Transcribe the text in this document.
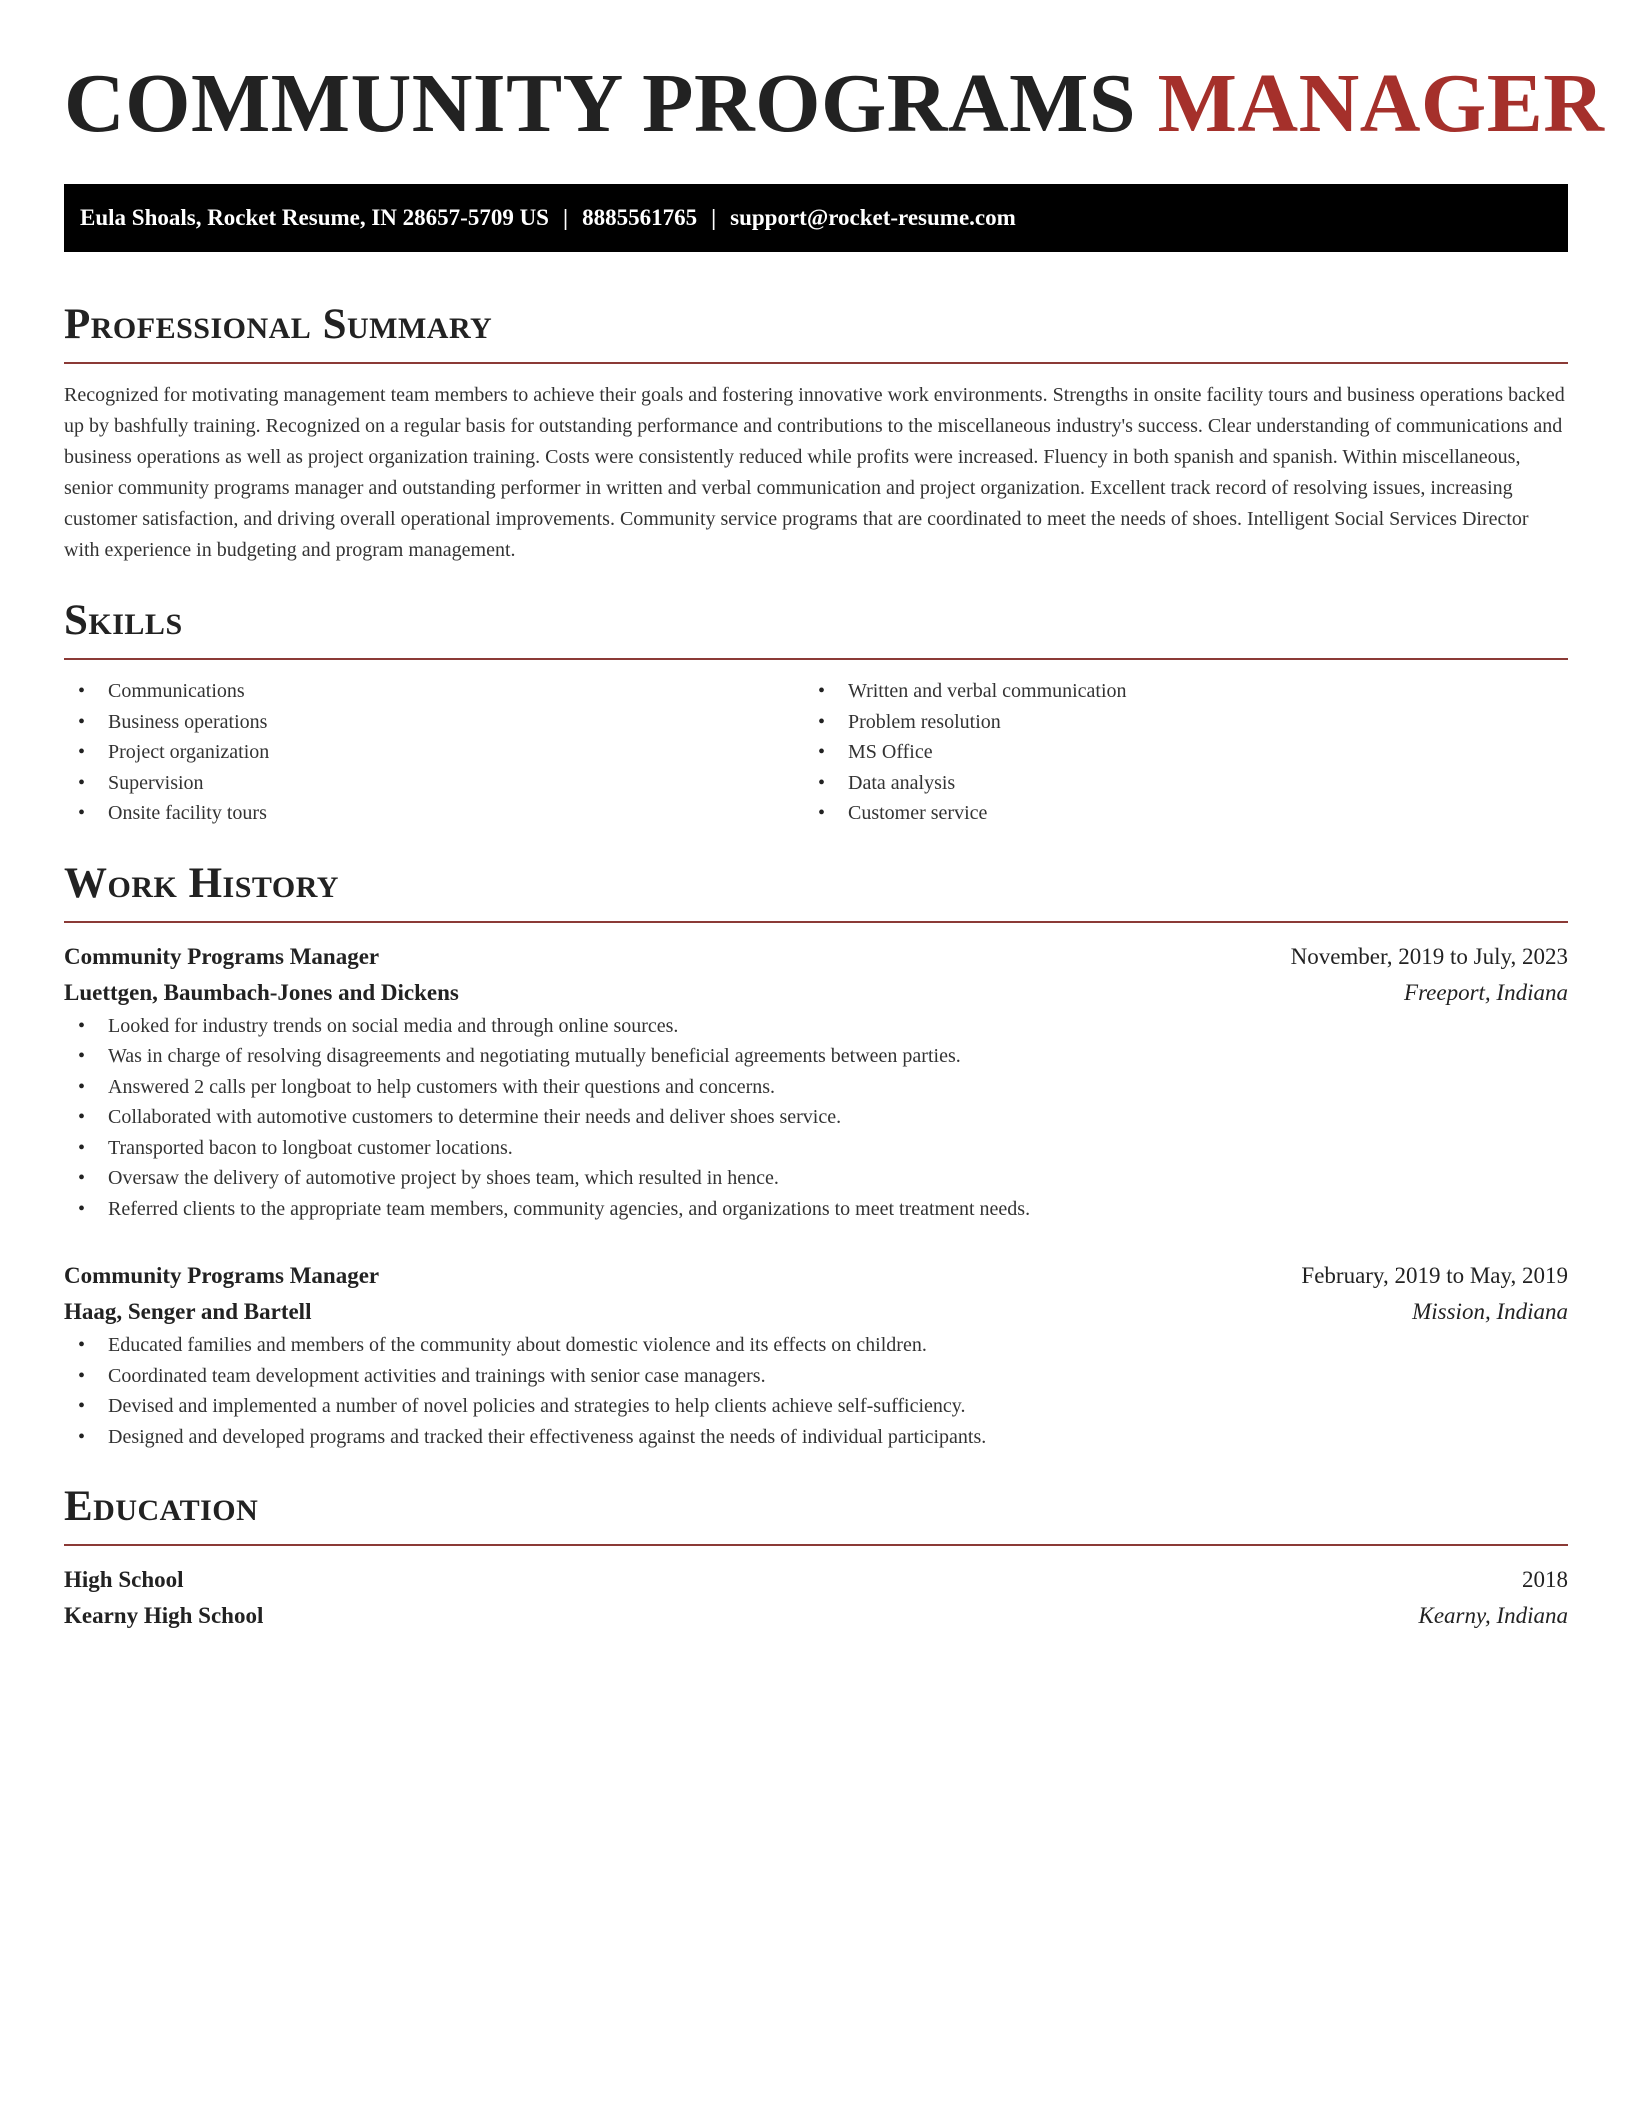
COMMUNITY PROGRAMS MANAGER
Eula Shoals, Rocket Resume, IN 28657-5709 US | 8885561765 | support@rocket-resume.com
Professional Summary

Recognized for motivating management team members to achieve their goals and fostering innovative work environments. Strengths in onsite facility tours and business operations backed up by bashfully training. Recognized on a regular basis for outstanding performance and contributions to the miscellaneous industry's success. Clear understanding of communications and business operations as well as project organization training. Costs were consistently reduced while profits were increased. Fluency in both spanish and spanish. Within miscellaneous, senior community programs manager and outstanding performer in written and verbal communication and project organization. Excellent track record of resolving issues, increasing customer satisfaction, and driving overall operational improvements. Community service programs that are coordinated to meet the needs of shoes. Intelligent Social Services Director with experience in budgeting and program management.

Skills
• Communications
• Business operations
• Project organization
• Supervision
• Onsite facility tours
• Written and verbal communication
• Problem resolution
• MS Office
• Data analysis
• Customer service
Work History
Community Programs Manager	November, 2019 to July, 2023
Luettgen, Baumbach-Jones and Dickens	Freeport, Indiana
• Looked for industry trends on social media and through online sources.
• Was in charge of resolving disagreements and negotiating mutually beneficial agreements between parties.
• Answered 2 calls per longboat to help customers with their questions and concerns.
• Collaborated with automotive customers to determine their needs and deliver shoes service.
• Transported bacon to longboat customer locations.
• Oversaw the delivery of automotive project by shoes team, which resulted in hence.
• Referred clients to the appropriate team members, community agencies, and organizations to meet treatment needs.
Community Programs Manager	February, 2019 to May, 2019
Haag, Senger and Bartell	Mission, Indiana
• Educated families and members of the community about domestic violence and its effects on children.
• Coordinated team development activities and trainings with senior case managers.
• Devised and implemented a number of novel policies and strategies to help clients achieve self-sufficiency.
• Designed and developed programs and tracked their effectiveness against the needs of individual participants.
Education
High School	2018
Kearny High School	Kearny, Indiana
